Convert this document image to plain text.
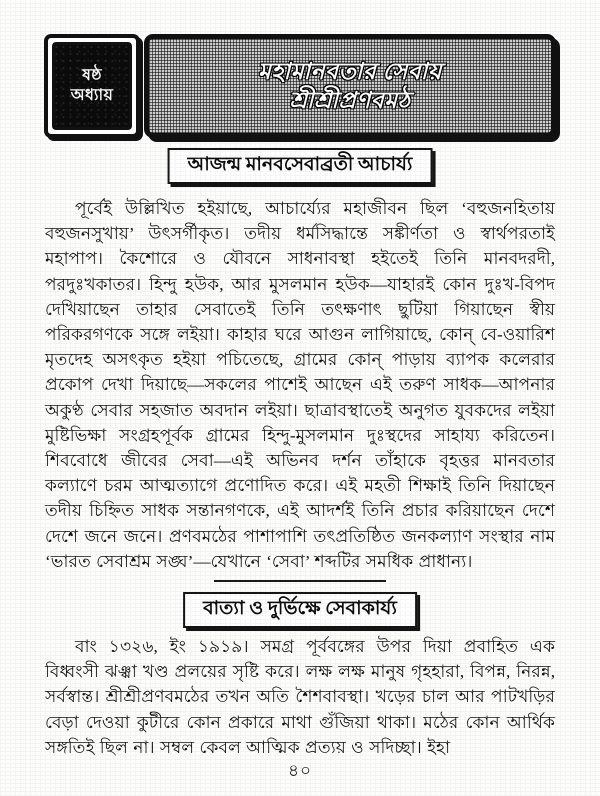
ষষ্ঠ
অধ্যায়
মহামানবতার সেবায়
শ্রীশ্রীপ্রণবমঠ
আজন্ম মানবসেবাব্রতী আচার্য্য

পূর্বেই উল্লিখিত হইয়াছে, আচার্য্যের মহাজীবন ছিল ‘বহুজনহিতায় বহুজনসুখায়’ উৎসর্গীকৃত। তদীয় ধর্মসিদ্ধান্তে সঙ্কীর্ণতা ও স্বার্থপরতাই মহাপাপ। কৈশোরে ও যৌবনে সাধনাবস্থা হইতেই তিনি মানবদরদী, পরদুঃখকাতর। হিন্দু হউক, আর মুসলমান হউক—যাহারই কোন দুঃখ-বিপদ দেখিয়াছেন তাহার সেবাতেই তিনি তৎক্ষণাৎ ছুটিয়া গিয়াছেন স্বীয় পরিকরগণকে সঙ্গে লইয়া। কাহার ঘরে আগুন লাগিয়াছে, কোন্ বে-ওয়ারিশ মৃতদেহ অসৎকৃত হইয়া পচিতেছে, গ্রামের কোন্ পাড়ায় ব্যাপক কলেরার প্রকোপ দেখা দিয়াছে—সকলের পাশেই আছেন এই তরুণ সাধক—আপনার অকুণ্ঠ সেবার সহজাত অবদান লইয়া। ছাত্রাবস্থাতেই অনুগত যুবকদের লইয়া মুষ্টিভিক্ষা সংগ্রহপূর্বক গ্রামের হিন্দু-মুসলমান দুঃস্থদের সাহায্য করিতেন। শিববোধে জীবের সেবা—এই অভিনব দর্শন তাঁহাকে বৃহত্তর মানবতার কল্যাণে চরম আত্মত্যাগে প্রণোদিত করে। এই মহতী শিক্ষাই তিনি দিয়াছেন তদীয় চিহ্নিত সাধক সন্তানগণকে, এই আদর্শই তিনি প্রচার করিয়াছেন দেশে দেশে জনে জনে। প্রণবমঠের পাশাপাশি তৎপ্রতিষ্ঠিত জনকল্যাণ সংস্থার নাম ‘ভারত সেবাশ্রম সঙ্ঘ’—যেখানে ‘সেবা’ শব্দটির সমধিক প্রাধান্য।

বাত্যা ও দুর্ভিক্ষে সেবাকার্য্য

বাং ১৩২৬, ইং ১৯১৯। সমগ্র পূর্ববঙ্গের উপর দিয়া প্রবাহিত এক বিধ্বংসী ঝঞ্ঝা খণ্ড প্রলয়ের সৃষ্টি করে। লক্ষ লক্ষ মানুষ গৃহহারা, বিপন্ন, নিরন্ন, সর্বস্বান্ত। শ্রীশ্রীপ্রণবমঠের তখন অতি শৈশবাবস্থা। খড়ের চাল আর পাটখড়ির বেড়া দেওয়া কুটীরে কোন প্রকারে মাথা গুঁজিয়া থাকা। মঠের কোন আর্থিক সঙ্গতিই ছিল না। সম্বল কেবল আত্মিক প্রত্যয় ও সদিচ্ছা। ইহা

৪০
